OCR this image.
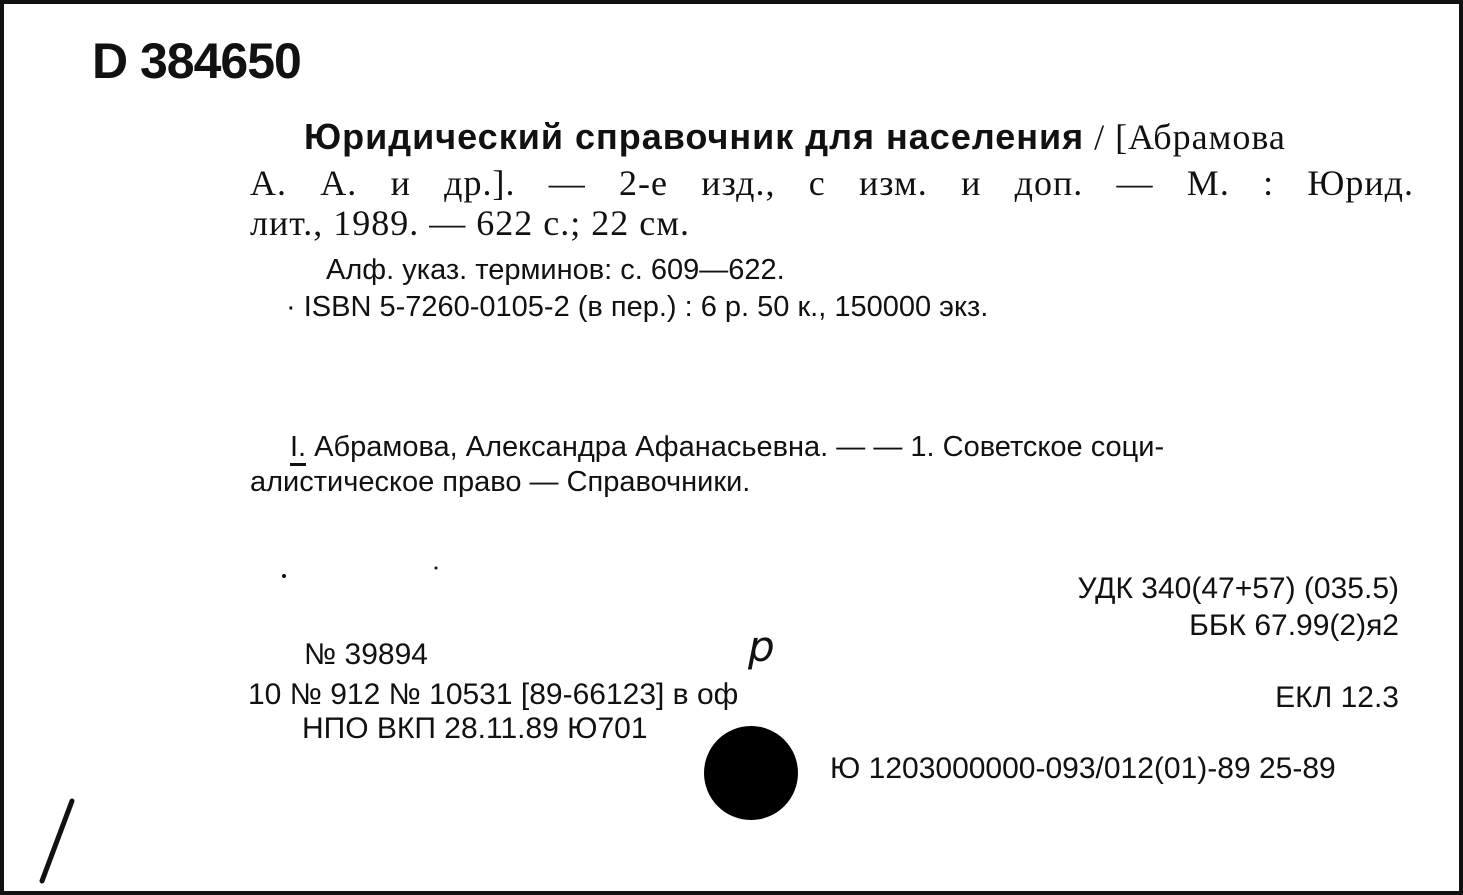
D 384650
Юридический справочник для населения / [Абрамова
А. А. и др.]. — 2-е изд., с изм. и доп. — М. : Юрид.
лит., 1989. — 622 с.; 22 см.
Алф. указ. терминов: с. 609—622.
· ISBN 5-7260-0105-2 (в пер.) : 6 р. 50 к., 150000 экз.
I. Абрамова, Александра Афанасьевна. — — 1. Советское соци-
алистическое право — Справочники.
УДК 340(47+57) (035.5)
ББК 67.99(2)я2
№ 39894
10 № 912 № 10531 [89-66123] в оф
НПО ВКП 28.11.89 Ю701
ЕКЛ 12.3
Ю 1203000000-093/012(01)-89 25-89
р
